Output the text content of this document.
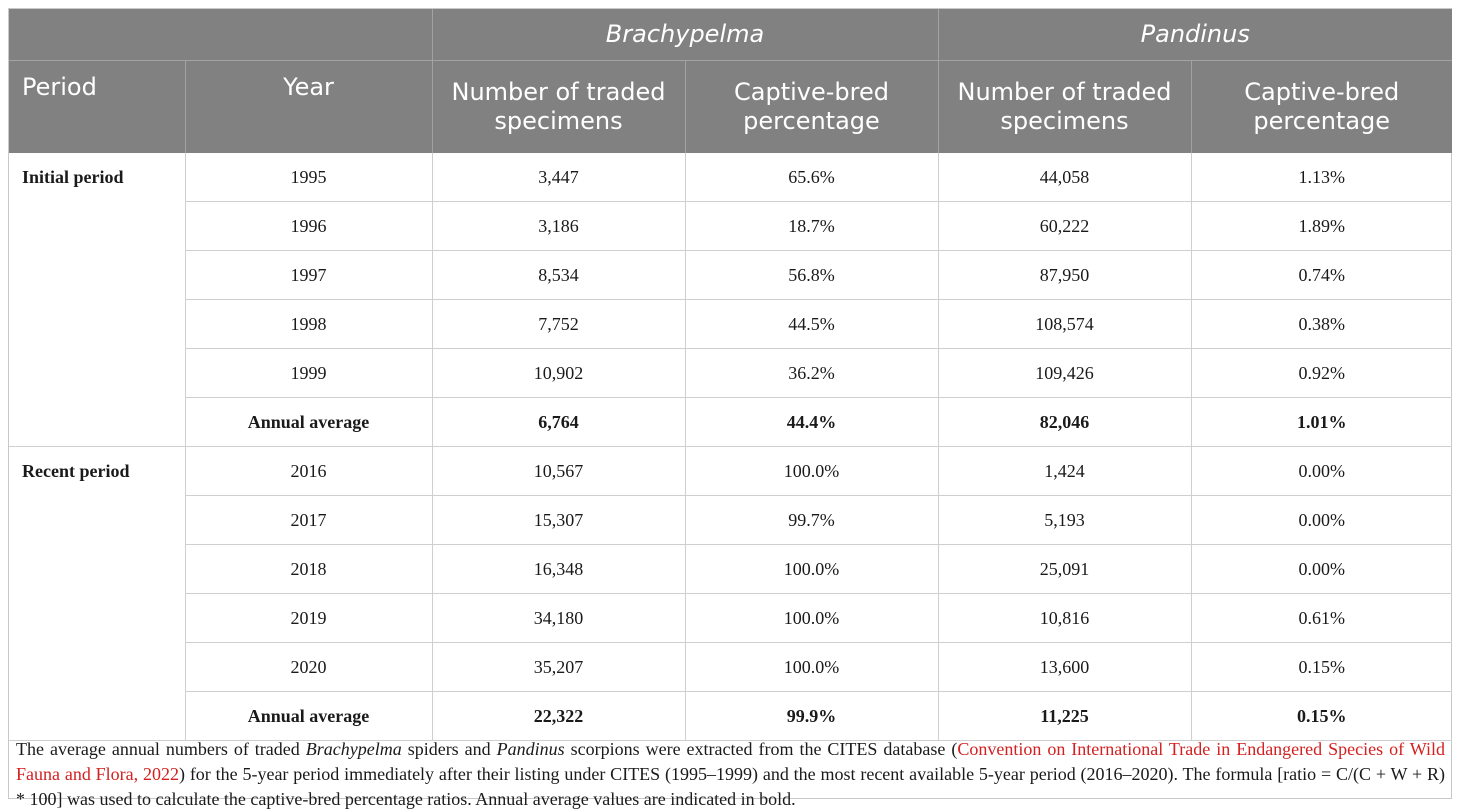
		Brachypelma		Pandinus	
Period	Year	Number of traded specimens	Captive-bred percentage	Number of traded specimens	Captive-bred percentage
Initial period	1995	3,447	65.6%	44,058	1.13%
	1996	3,186	18.7%	60,222	1.89%
	1997	8,534	56.8%	87,950	0.74%
	1998	7,752	44.5%	108,574	0.38%
	1999	10,902	36.2%	109,426	0.92%
	Annual average	6,764	44.4%	82,046	1.01%
Recent period	2016	10,567	100.0%	1,424	0.00%
	2017	15,307	99.7%	5,193	0.00%
	2018	16,348	100.0%	25,091	0.00%
	2019	34,180	100.0%	10,816	0.61%
	2020	35,207	100.0%	13,600	0.15%
	Annual average	22,322	99.9%	11,225	0.15%
The average annual numbers of traded Brachypelma spiders and Pandinus scorpions were extracted from the CITES database (Convention on International Trade in Endangered Species of Wild Fauna and Flora, 2022) for the 5-year period immediately after their listing under CITES (1995–1999) and the most recent available 5-year period (2016–2020). The formula [ratio = C/(C + W + R) * 100] was used to calculate the captive-bred percentage ratios. Annual average values are indicated in bold.
